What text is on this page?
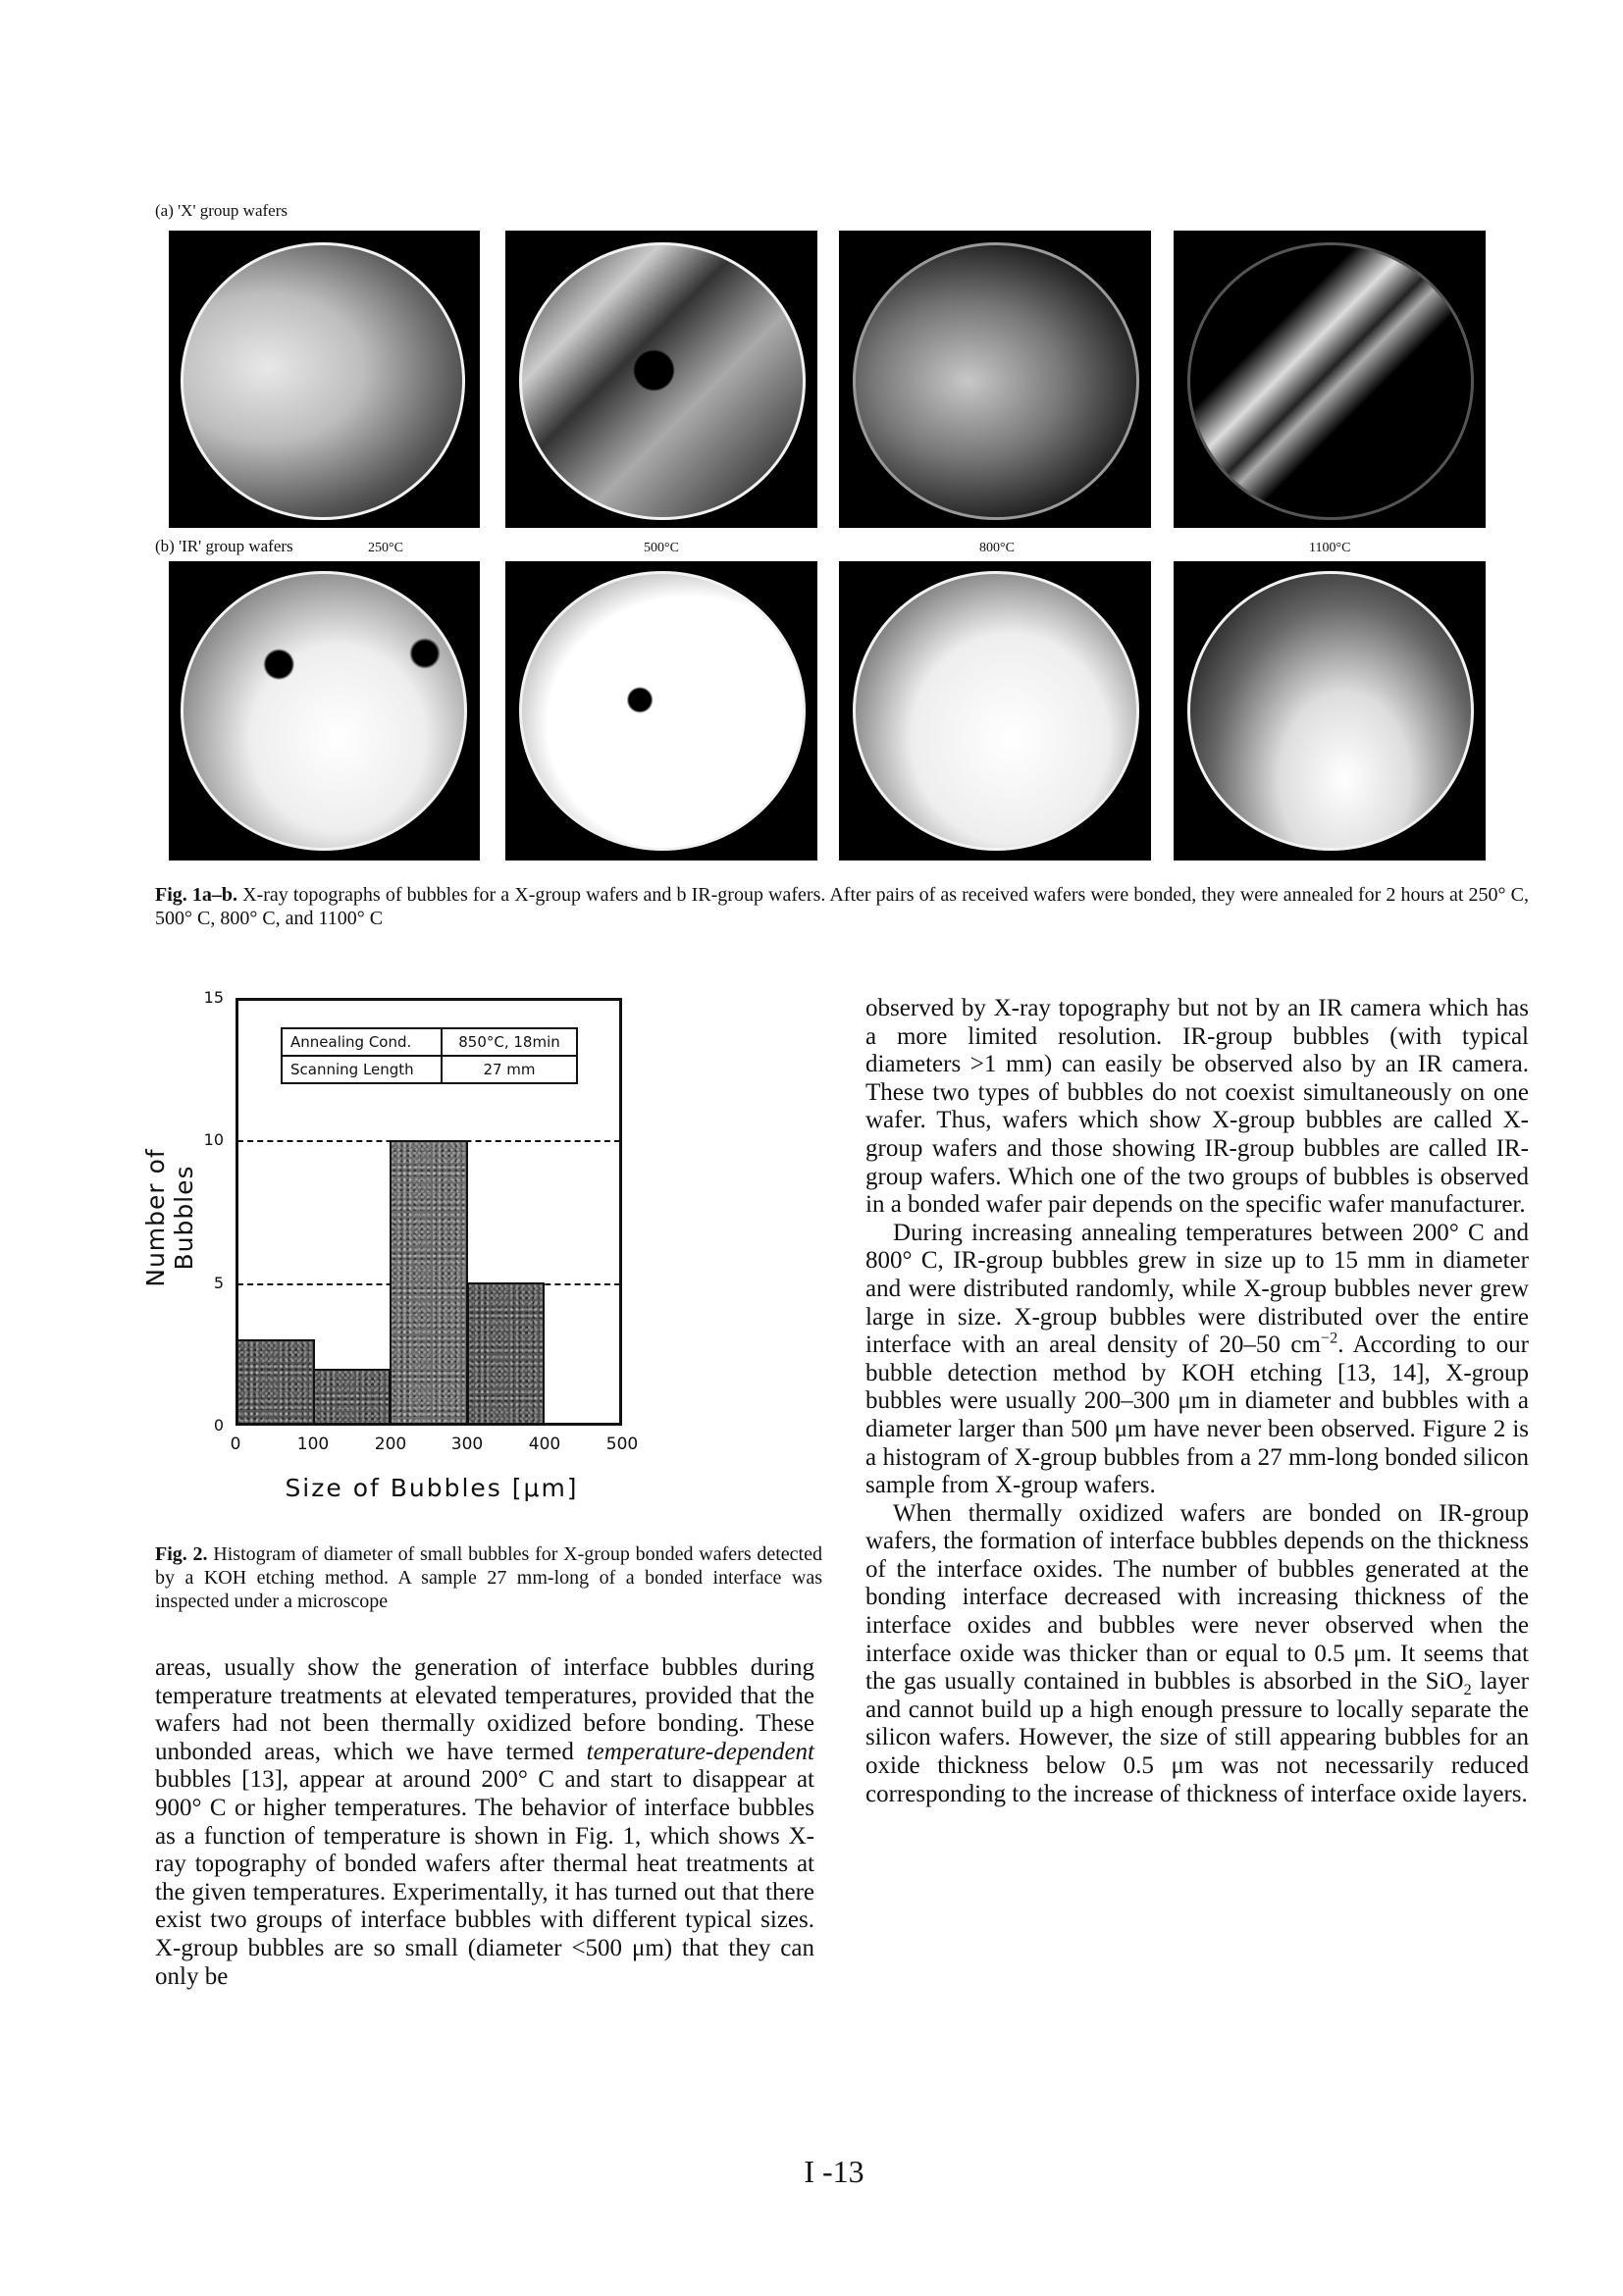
(a) 'X' group wafers
(b) 'IR' group wafers	250°C	500°C	800°C	1100°C
Fig. 1a–b. X-ray topographs of bubbles for a X-group wafers and b IR-group wafers. After pairs of as received wafers were bonded, they were annealed for 2 hours at 250° C, 500° C, 800° C, and 1100° C
Number of Bubbles
Annealing Cond.	850°C, 18min
Scanning Length	27 mm
15
10
5
0
0	100	200	300	400	500
Size of Bubbles [μm]
Fig. 2. Histogram of diameter of small bubbles for X-group bonded wafers detected by a KOH etching method. A sample 27 mm-long of a bonded interface was inspected under a microscope

areas, usually show the generation of interface bubbles during temperature treatments at elevated temperatures, provided that the wafers had not been thermally oxidized before bonding. These unbonded areas, which we have termed temperature-dependent bubbles [13], appear at around 200° C and start to disappear at 900° C or higher temperatures. The behavior of interface bubbles as a function of temperature is shown in Fig. 1, which shows X-ray topography of bonded wafers after thermal heat treatments at the given temperatures. Experimentally, it has turned out that there exist two groups of interface bubbles with different typical sizes. X-group bubbles are so small (diameter <500 μm) that they can only be

observed by X-ray topography but not by an IR camera which has a more limited resolution. IR-group bubbles (with typical diameters >1 mm) can easily be observed also by an IR camera. These two types of bubbles do not coexist simultaneously on one wafer. Thus, wafers which show X-group bubbles are called X-group wafers and those showing IR-group bubbles are called IR-group wafers. Which one of the two groups of bubbles is observed in a bonded wafer pair depends on the specific wafer manufacturer.

During increasing annealing temperatures between 200° C and 800° C, IR-group bubbles grew in size up to 15 mm in diameter and were distributed randomly, while X-group bubbles never grew large in size. X-group bubbles were distributed over the entire interface with an areal density of 20–50 $cm^{-2}$. According to our bubble detection method by KOH etching [13, 14], X-group bubbles were usually 200–300 μm in diameter and bubbles with a diameter larger than 500 μm have never been observed. Figure 2 is a histogram of X-group bubbles from a 27 mm-long bonded silicon sample from X-group wafers.

When thermally oxidized wafers are bonded on IR-group wafers, the formation of interface bubbles depends on the thickness of the interface oxides. The number of bubbles generated at the bonding interface decreased with increasing thickness of the interface oxides and bubbles were never observed when the interface oxide was thicker than or equal to 0.5 μm. It seems that the gas usually contained in bubbles is absorbed in the SiO$_2$ layer and cannot build up a high enough pressure to locally separate the silicon wafers. However, the size of still appearing bubbles for an oxide thickness below 0.5 μm was not necessarily reduced corresponding to the increase of thickness of interface oxide layers.

I -13
